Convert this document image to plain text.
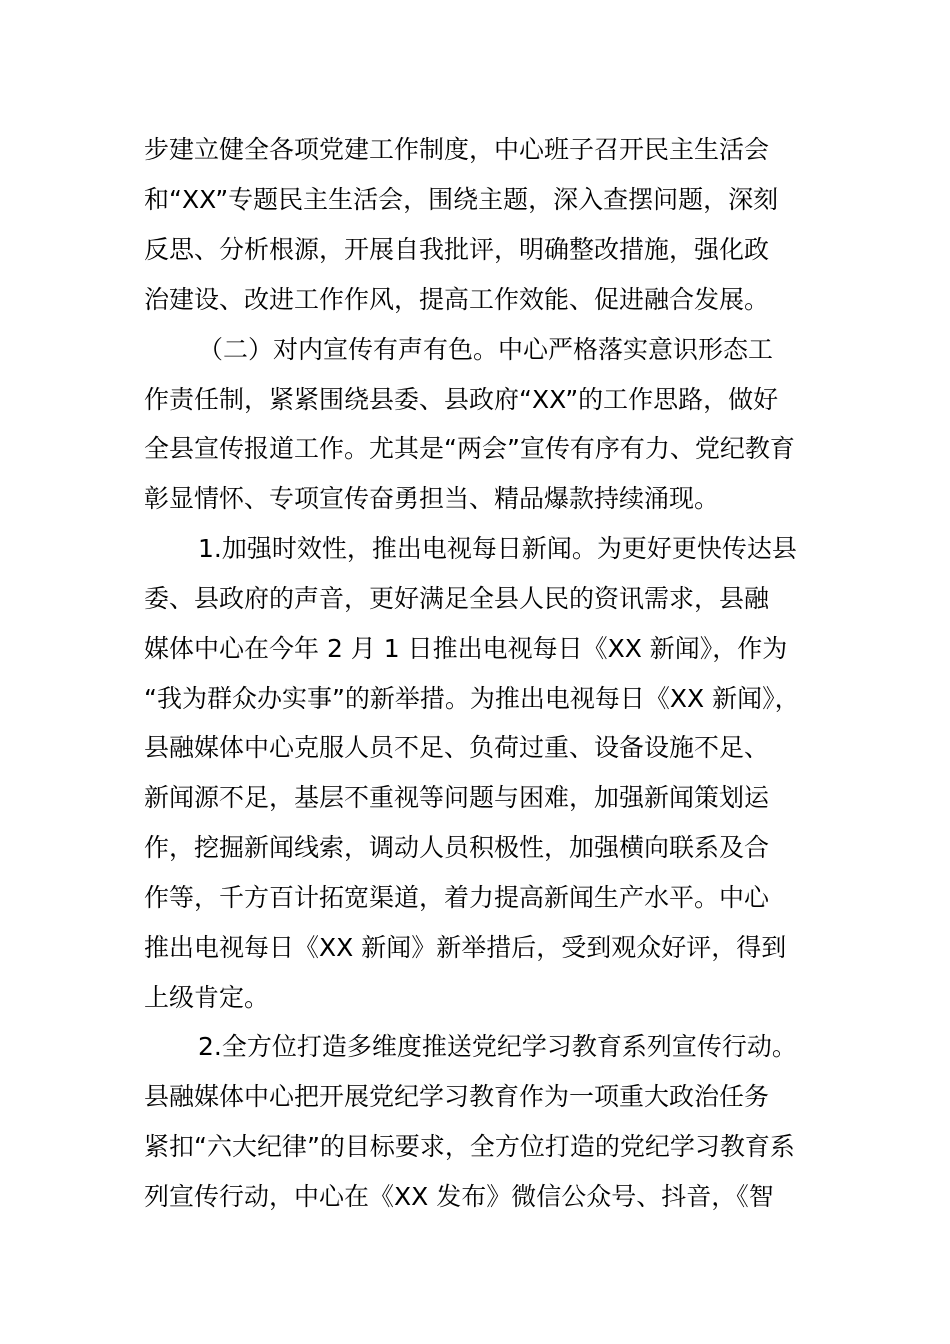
步建立健全各项党建工作制度，中心班子召开民主生活会
和“XX”专题民主生活会，围绕主题，深入查摆问题，深刻
反思、分析根源，开展自我批评，明确整改措施，强化政
治建设、改进工作作风，提高工作效能、促进融合发展。
（二）对内宣传有声有色。中心严格落实意识形态工
作责任制，紧紧围绕县委、县政府“XX”的工作思路，做好
全县宣传报道工作。尤其是“两会”宣传有序有力、党纪教育
彰显情怀、专项宣传奋勇担当、精品爆款持续涌现。
1.加强时效性，推出电视每日新闻。为更好更快传达县
委、县政府的声音，更好满足全县人民的资讯需求，县融
媒体中心在今年 2 月 1 日推出电视每日《XX 新闻》，作为
“我为群众办实事”的新举措。为推出电视每日《XX 新闻》，
县融媒体中心克服人员不足、负荷过重、设备设施不足、
新闻源不足，基层不重视等问题与困难，加强新闻策划运
作，挖掘新闻线索，调动人员积极性，加强横向联系及合
作等，千方百计拓宽渠道，着力提高新闻生产水平。中心
推出电视每日《XX 新闻》新举措后，受到观众好评，得到
上级肯定。
2.全方位打造多维度推送党纪学习教育系列宣传行动。
县融媒体中心把开展党纪学习教育作为一项重大政治任务
紧扣“六大纪律”的目标要求，全方位打造的党纪学习教育系
列宣传行动，中心在《XX 发布》微信公众号、抖音，《智
